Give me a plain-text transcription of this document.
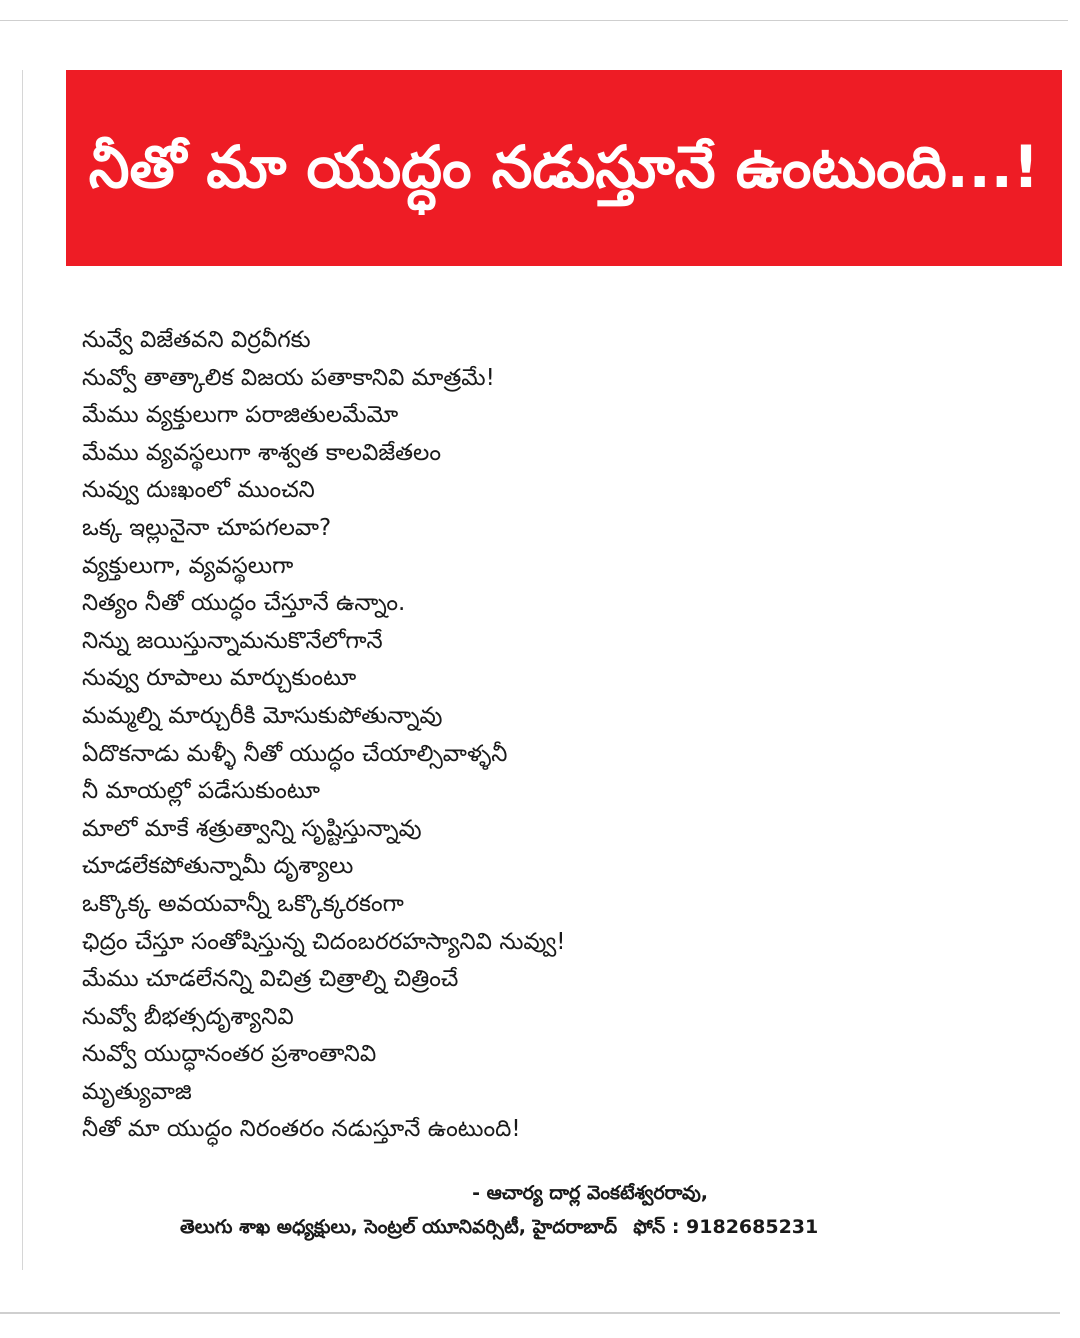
నీతో మా యుద్ధం నడుస్తూనే ఉంటుంది...!
నువ్వే విజేతవని విర్రవీగకు
నువ్వో తాత్కాలిక విజయ పతాకానివి మాత్రమే!
మేము వ్యక్తులుగా పరాజితులమేమో
మేము వ్యవస్థలుగా శాశ్వత కాలవిజేతలం
నువ్వు దుఃఖంలో ముంచని
ఒక్క ఇల్లునైనా చూపగలవా?
వ్యక్తులుగా, వ్యవస్థలుగా
నిత్యం నీతో యుద్ధం చేస్తూనే ఉన్నాం.
నిన్ను జయిస్తున్నామనుకొనేలోగానే
నువ్వు రూపాలు మార్చుకుంటూ
మమ్మల్ని మార్చురీకి మోసుకుపోతున్నావు
ఏదొకనాడు మళ్ళీ నీతో యుద్ధం చేయాల్సివాళ్ళనీ
నీ మాయల్లో పడేసుకుంటూ
మాలో మాకే శత్రుత్వాన్ని సృష్టిస్తున్నావు
చూడలేకపోతున్నామీ దృశ్యాలు
ఒక్కొక్క అవయవాన్నీ ఒక్కొక్కరకంగా
ఛిద్రం చేస్తూ సంతోషిస్తున్న చిదంబరరహస్యానివి నువ్వు!
మేము చూడలేనన్ని విచిత్ర చిత్రాల్ని చిత్రించే
నువ్వో బీభత్సదృశ్యానివి
నువ్వో యుద్ధానంతర ప్రశాంతానివి
మృత్యువాజి
నీతో మా యుద్ధం నిరంతరం నడుస్తూనే ఉంటుంది!
- ఆచార్య దార్ల వెంకటేశ్వరరావు,
తెలుగు శాఖ అధ్యక్షులు, సెంట్రల్ యూనివర్సిటీ, హైదరాబాద్ ఫోన్ : 9182685231
